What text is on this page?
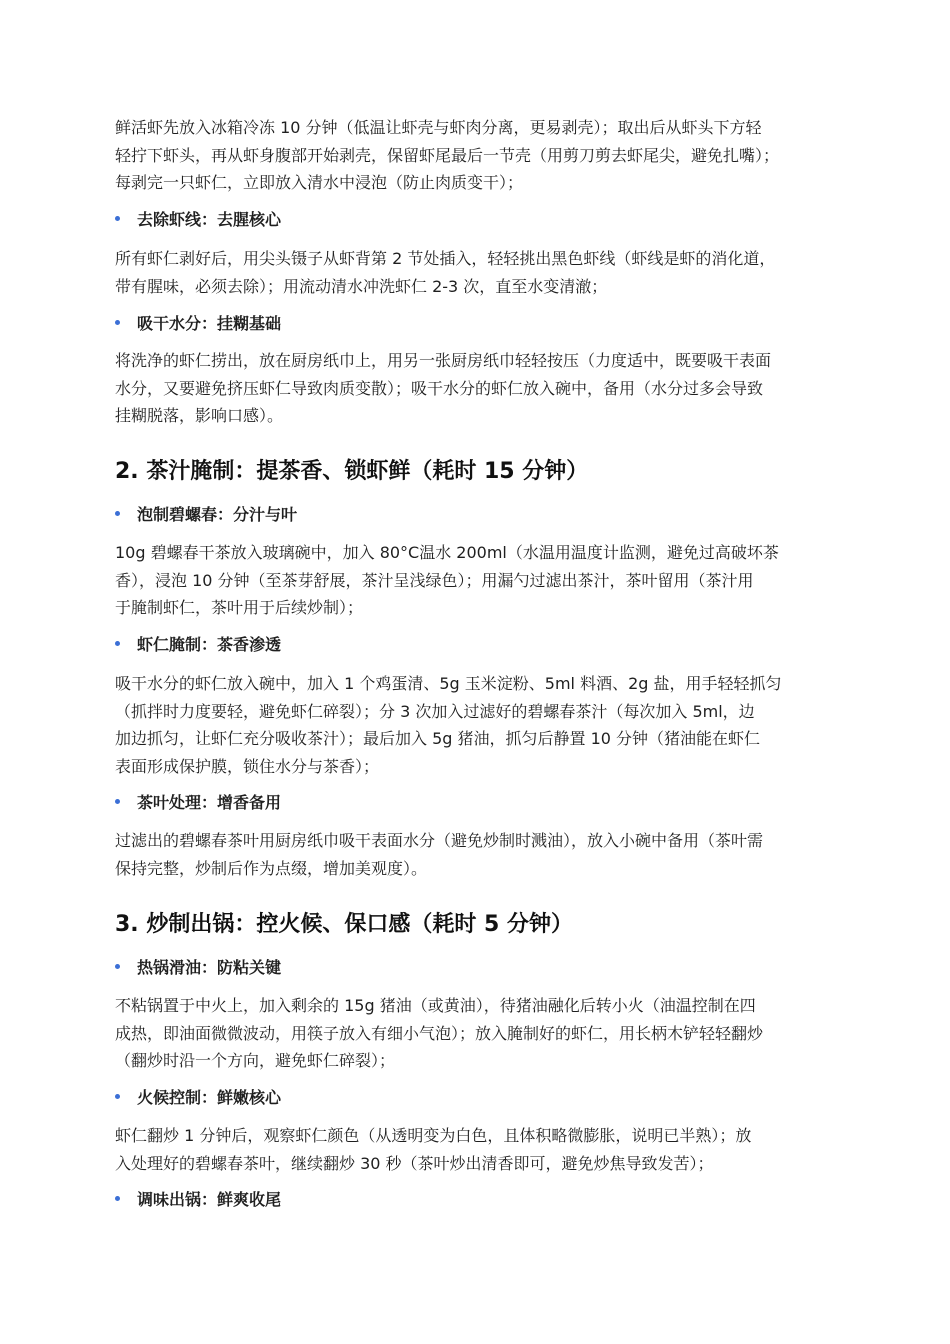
鲜活虾先放入冰箱冷冻 10 分钟（低温让虾壳与虾肉分离，更易剥壳）；取出后从虾头下方轻
轻拧下虾头，再从虾身腹部开始剥壳，保留虾尾最后一节壳（用剪刀剪去虾尾尖，避免扎嘴）；
每剥完一只虾仁，立即放入清水中浸泡（防止肉质变干）；

去除虾线：去腥核心

所有虾仁剥好后，用尖头镊子从虾背第 2 节处插入，轻轻挑出黑色虾线（虾线是虾的消化道，
带有腥味，必须去除）；用流动清水冲洗虾仁 2-3 次，直至水变清澈；

吸干水分：挂糊基础

将洗净的虾仁捞出，放在厨房纸巾上，用另一张厨房纸巾轻轻按压（力度适中，既要吸干表面
水分，又要避免挤压虾仁导致肉质变散）；吸干水分的虾仁放入碗中，备用（水分过多会导致
挂糊脱落，影响口感）。

2. 茶汁腌制：提茶香、锁虾鲜（耗时 15 分钟）
泡制碧螺春：分汁与叶

10g 碧螺春干茶放入玻璃碗中，加入 80°C温水 200ml（水温用温度计监测，避免过高破坏茶
香），浸泡 10 分钟（至茶芽舒展，茶汁呈浅绿色）；用漏勺过滤出茶汁，茶叶留用（茶汁用
于腌制虾仁，茶叶用于后续炒制）；

虾仁腌制：茶香渗透

吸干水分的虾仁放入碗中，加入 1 个鸡蛋清、5g 玉米淀粉、5ml 料酒、2g 盐，用手轻轻抓匀
（抓拌时力度要轻，避免虾仁碎裂）；分 3 次加入过滤好的碧螺春茶汁（每次加入 5ml，边
加边抓匀，让虾仁充分吸收茶汁）；最后加入 5g 猪油，抓匀后静置 10 分钟（猪油能在虾仁
表面形成保护膜，锁住水分与茶香）；

茶叶处理：增香备用

过滤出的碧螺春茶叶用厨房纸巾吸干表面水分（避免炒制时溅油），放入小碗中备用（茶叶需
保持完整，炒制后作为点缀，增加美观度）。

3. 炒制出锅：控火候、保口感（耗时 5 分钟）
热锅滑油：防粘关键

不粘锅置于中火上，加入剩余的 15g 猪油（或黄油），待猪油融化后转小火（油温控制在四
成热，即油面微微波动，用筷子放入有细小气泡）；放入腌制好的虾仁，用长柄木铲轻轻翻炒
（翻炒时沿一个方向，避免虾仁碎裂）；

火候控制：鲜嫩核心

虾仁翻炒 1 分钟后，观察虾仁颜色（从透明变为白色，且体积略微膨胀，说明已半熟）；放
入处理好的碧螺春茶叶，继续翻炒 30 秒（茶叶炒出清香即可，避免炒焦导致发苦）；

调味出锅：鲜爽收尾
